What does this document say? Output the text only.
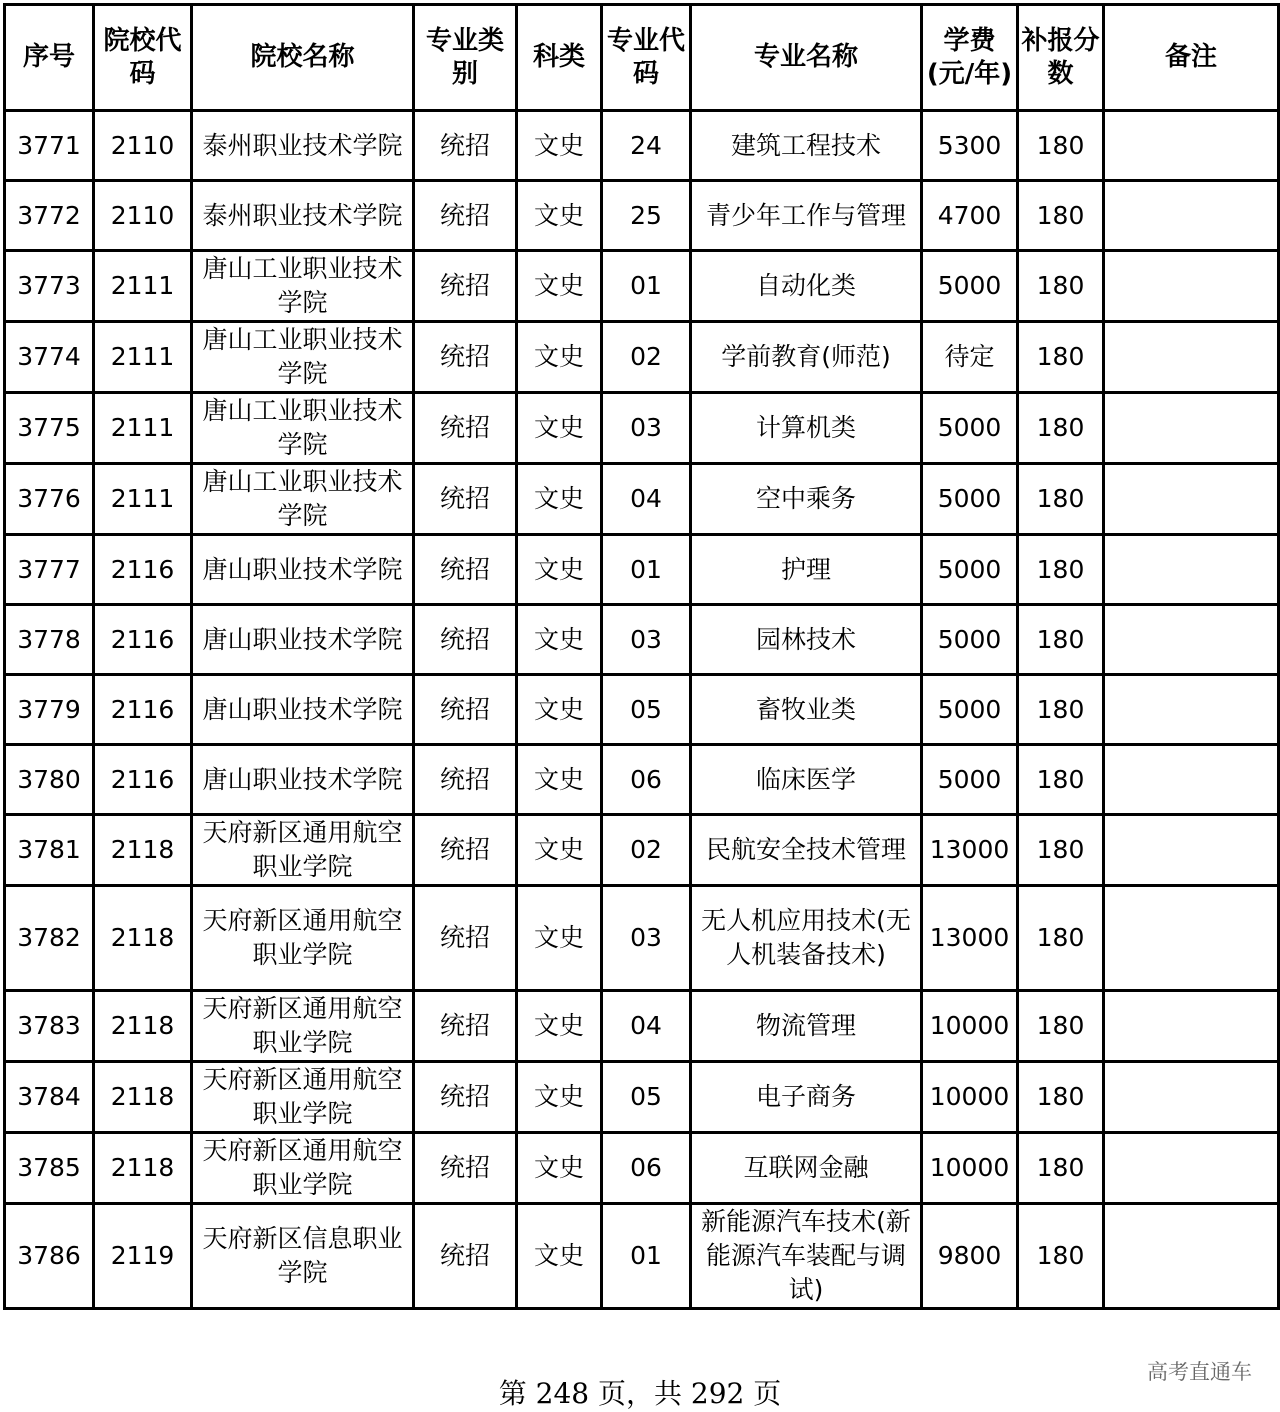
序号	院校代码	院校名称	专业类别	科类	专业代码	专业名称	学费(元/年)	补报分数	备注
3771	2110	泰州职业技术学院	统招	文史	24	建筑工程技术	5300	180	
3772	2110	泰州职业技术学院	统招	文史	25	青少年工作与管理	4700	180	
3773	2111	唐山工业职业技术学院	统招	文史	01	自动化类	5000	180	
3774	2111	唐山工业职业技术学院	统招	文史	02	学前教育(师范)	待定	180	
3775	2111	唐山工业职业技术学院	统招	文史	03	计算机类	5000	180	
3776	2111	唐山工业职业技术学院	统招	文史	04	空中乘务	5000	180	
3777	2116	唐山职业技术学院	统招	文史	01	护理	5000	180	
3778	2116	唐山职业技术学院	统招	文史	03	园林技术	5000	180	
3779	2116	唐山职业技术学院	统招	文史	05	畜牧业类	5000	180	
3780	2116	唐山职业技术学院	统招	文史	06	临床医学	5000	180	
3781	2118	天府新区通用航空职业学院	统招	文史	02	民航安全技术管理	13000	180	
3782	2118	天府新区通用航空职业学院	统招	文史	03	无人机应用技术(无人机装备技术)	13000	180	
3783	2118	天府新区通用航空职业学院	统招	文史	04	物流管理	10000	180	
3784	2118	天府新区通用航空职业学院	统招	文史	05	电子商务	10000	180	
3785	2118	天府新区通用航空职业学院	统招	文史	06	互联网金融	10000	180	
3786	2119	天府新区信息职业学院	统招	文史	01	新能源汽车技术(新能源汽车装配与调试)	9800	180	
第 248 页，共 292 页
高考直通车
